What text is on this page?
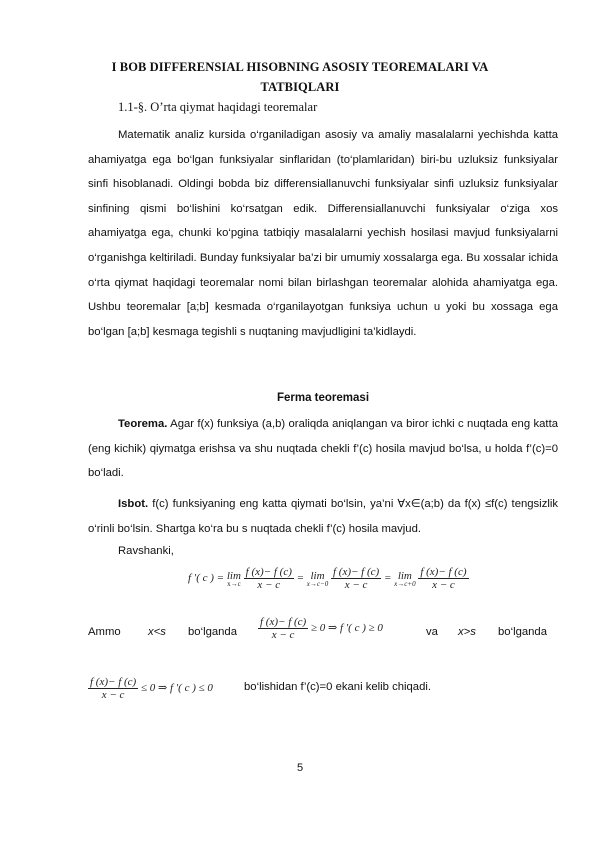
I BOB DIFFERENSIAL HISOBNING ASOSIY TEOREMALARI VA
TATBIQLARI
1.1-§. O’rta qiymat haqidagi teoremalar
Matematik analiz kursida o‘rganiladigan asosiy va amaliy masalalarni yechishda katta ahamiyatga ega bo‘lgan funksiyalar sinflaridan (to‘plamlaridan) biri-bu uzluksiz funksiyalar sinfi hisoblanadi. Oldingi bobda biz differensiallanuvchi funksiyalar sinfi uzluksiz funksiyalar sinfining qismi bo‘lishini ko‘rsatgan edik. Differensiallanuvchi funksiyalar o‘ziga xos ahamiyatga ega, chunki ko‘pgina tatbiqiy masalalarni yechish hosilasi mavjud funksiyalarni o‘rganishga keltiriladi. Bunday funksiyalar ba’zi bir umumiy xossalarga ega. Bu xossalar ichida o‘rta qiymat haqidagi teoremalar nomi bilan birlashgan teoremalar alohida ahamiyatga ega. Ushbu teoremalar [a;b] kesmada o‘rganilayotgan funksiya uchun u yoki bu xossaga ega bo‘lgan [a;b] kesmaga tegishli s nuqtaning mavjudligini ta’kidlaydi.
Ferma teoremasi
Teorema. Agar f(x) funksiya (a,b) oraliqda aniqlangan va biror ichki c nuqtada eng katta (eng kichik) qiymatga erishsa va shu nuqtada chekli f’(c) hosila mavjud bo‘lsa, u holda f’(c)=0 bo‘ladi.
Isbot. f(c) funksiyaning eng katta qiymati bo‘lsin, ya’ni ∀x∈(a;b) da f(x) ≤f(c) tengsizlik o‘rinli bo‘lsin. Shartga ko‘ra bu s nuqtada chekli f’(c) hosila mavjud.
Ravshanki,
f ′( c ) = lim
x→c
$\frac{f (x)- f (c)}{x - c} = \lim$
x→c−0
$\frac{f (x)- f (c)}{x - c} = \lim$
x→c+0
$\frac{f (x)- f (c)}{x - c}$
Ammo x<s bo‘lganda $\frac{f (x)- f (c)}{x - c} \ge 0$ ⇒ f ′( c ) ≥ 0	va x>s bo‘lganda
$\frac{f (x)- f (c)}{x - c} \le 0$ ⇒ f ′( c ) ≤ 0	bo‘lishidan f’(c)=0 ekani kelib chiqadi.
5
